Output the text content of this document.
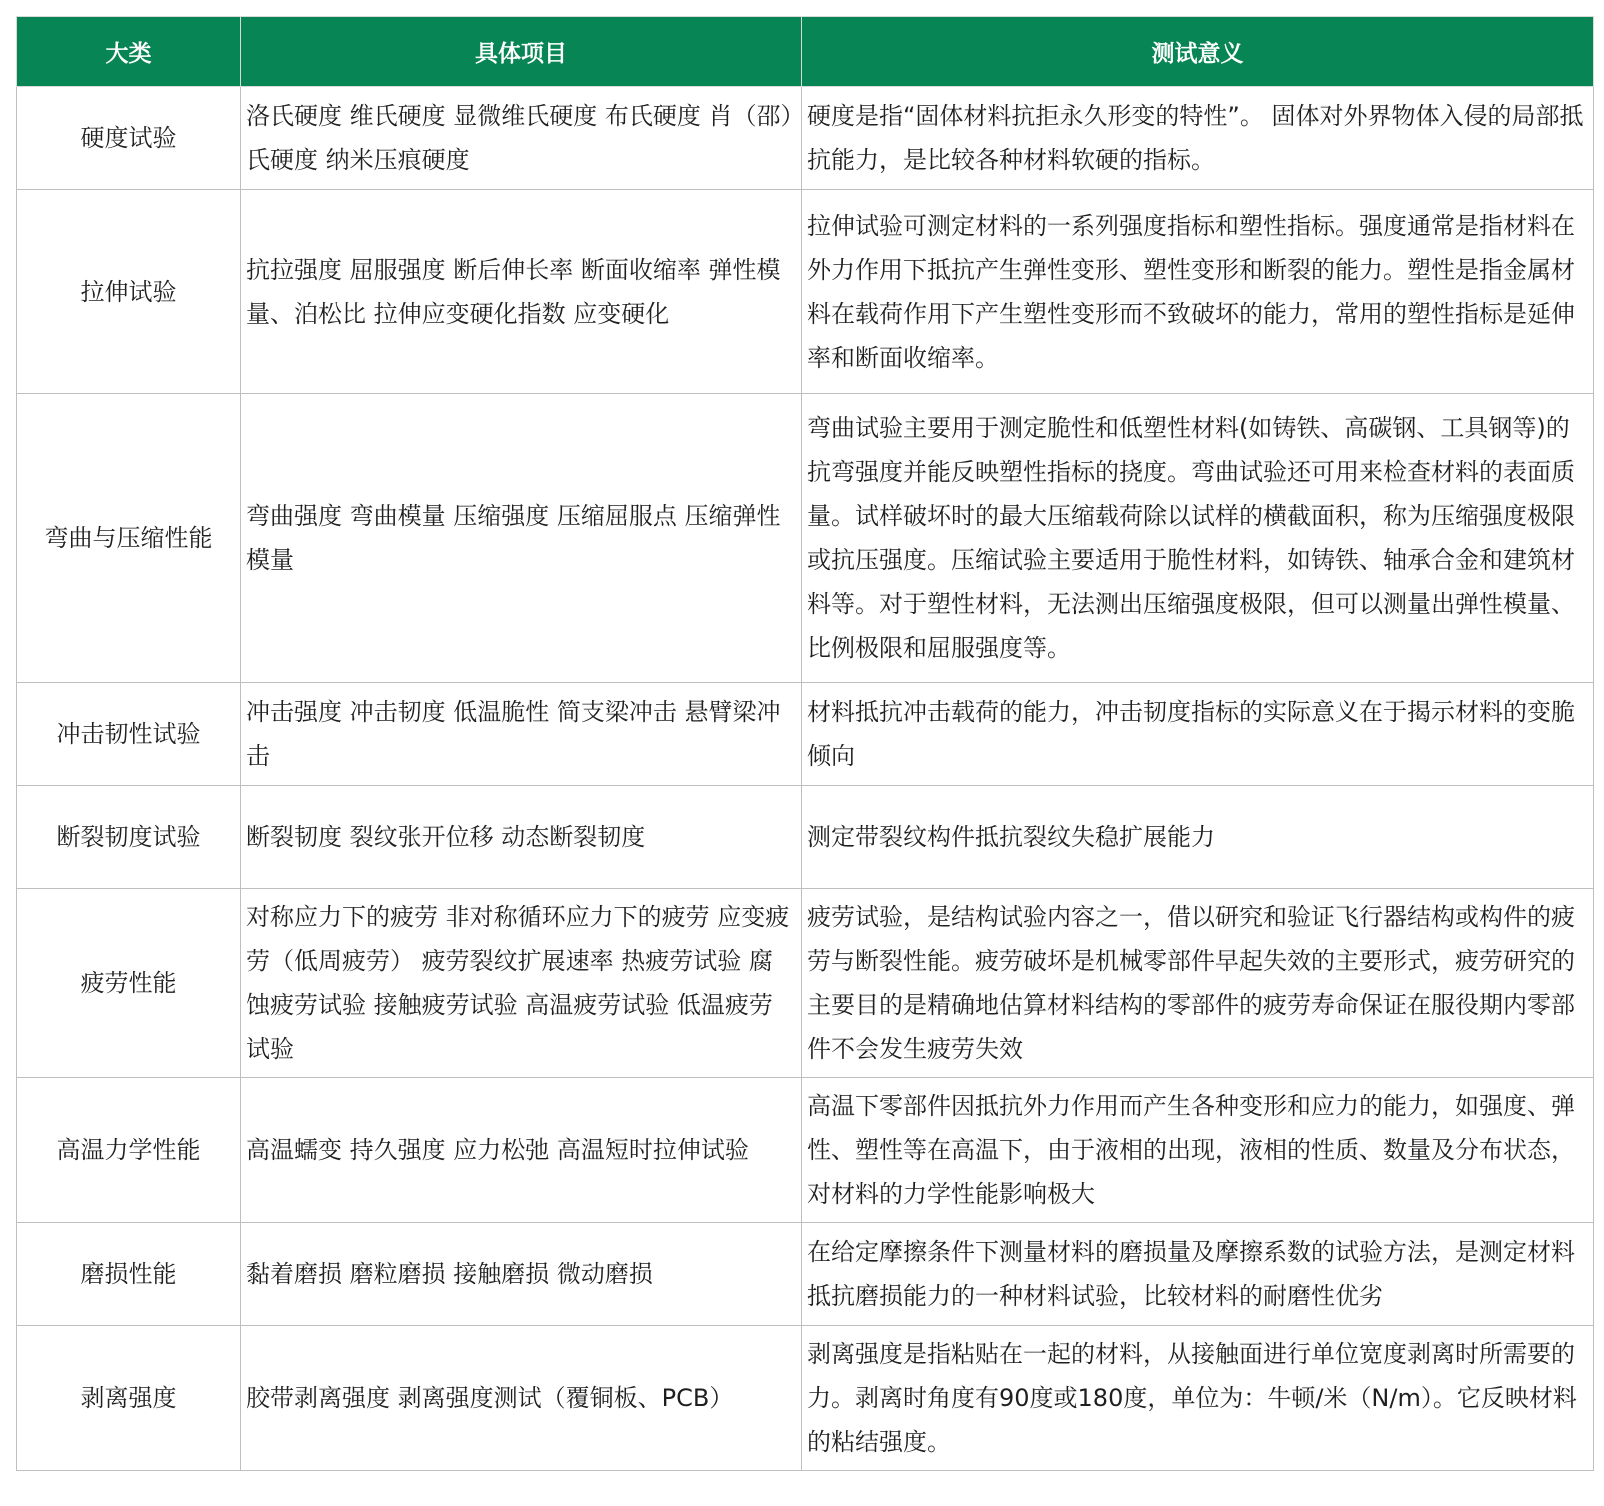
大类	具体项目	测试意义
硬度试验	洛氏硬度 维氏硬度 显微维氏硬度 布氏硬度 肖（邵）氏硬度 纳米压痕硬度	硬度是指“固体材料抗拒永久形变的特性”。 固体对外界物体入侵的局部抵抗能力，是比较各种材料软硬的指标。
拉伸试验	抗拉强度 屈服强度 断后伸长率 断面收缩率 弹性模量、泊松比 拉伸应变硬化指数 应变硬化	拉伸试验可测定材料的一系列强度指标和塑性指标。强度通常是指材料在外力作用下抵抗产生弹性变形、塑性变形和断裂的能力。塑性是指金属材料在载荷作用下产生塑性变形而不致破坏的能力，常用的塑性指标是延伸率和断面收缩率。
弯曲与压缩性能	弯曲强度 弯曲模量 压缩强度 压缩屈服点 压缩弹性模量	弯曲试验主要用于测定脆性和低塑性材料(如铸铁、高碳钢、工具钢等)的抗弯强度并能反映塑性指标的挠度。弯曲试验还可用来检查材料的表面质量。试样破坏时的最大压缩载荷除以试样的横截面积，称为压缩强度极限或抗压强度。压缩试验主要适用于脆性材料，如铸铁、轴承合金和建筑材料等。对于塑性材料，无法测出压缩强度极限，但可以测量出弹性模量、比例极限和屈服强度等。
冲击韧性试验	冲击强度 冲击韧度 低温脆性 简支梁冲击 悬臂梁冲击	材料抵抗冲击载荷的能力，冲击韧度指标的实际意义在于揭示材料的变脆倾向
断裂韧度试验	断裂韧度 裂纹张开位移 动态断裂韧度	测定带裂纹构件抵抗裂纹失稳扩展能力
疲劳性能	对称应力下的疲劳 非对称循环应力下的疲劳 应变疲劳（低周疲劳） 疲劳裂纹扩展速率 热疲劳试验 腐蚀疲劳试验 接触疲劳试验 高温疲劳试验 低温疲劳试验	疲劳试验，是结构试验内容之一，借以研究和验证飞行器结构或构件的疲劳与断裂性能。疲劳破坏是机械零部件早起失效的主要形式，疲劳研究的主要目的是精确地估算材料结构的零部件的疲劳寿命保证在服役期内零部件不会发生疲劳失效
高温力学性能	高温蠕变 持久强度 应力松弛 高温短时拉伸试验	高温下零部件因抵抗外力作用而产生各种变形和应力的能力，如强度、弹性、塑性等在高温下，由于液相的出现，液相的性质、数量及分布状态，对材料的力学性能影响极大
磨损性能	黏着磨损 磨粒磨损 接触磨损 微动磨损	在给定摩擦条件下测量材料的磨损量及摩擦系数的试验方法，是测定材料抵抗磨损能力的一种材料试验，比较材料的耐磨性优劣
剥离强度	胶带剥离强度 剥离强度测试（覆铜板、PCB）	剥离强度是指粘贴在一起的材料，从接触面进行单位宽度剥离时所需要的力。剥离时角度有90度或180度，单位为：牛顿/米（N/m）。它反映材料的粘结强度。
